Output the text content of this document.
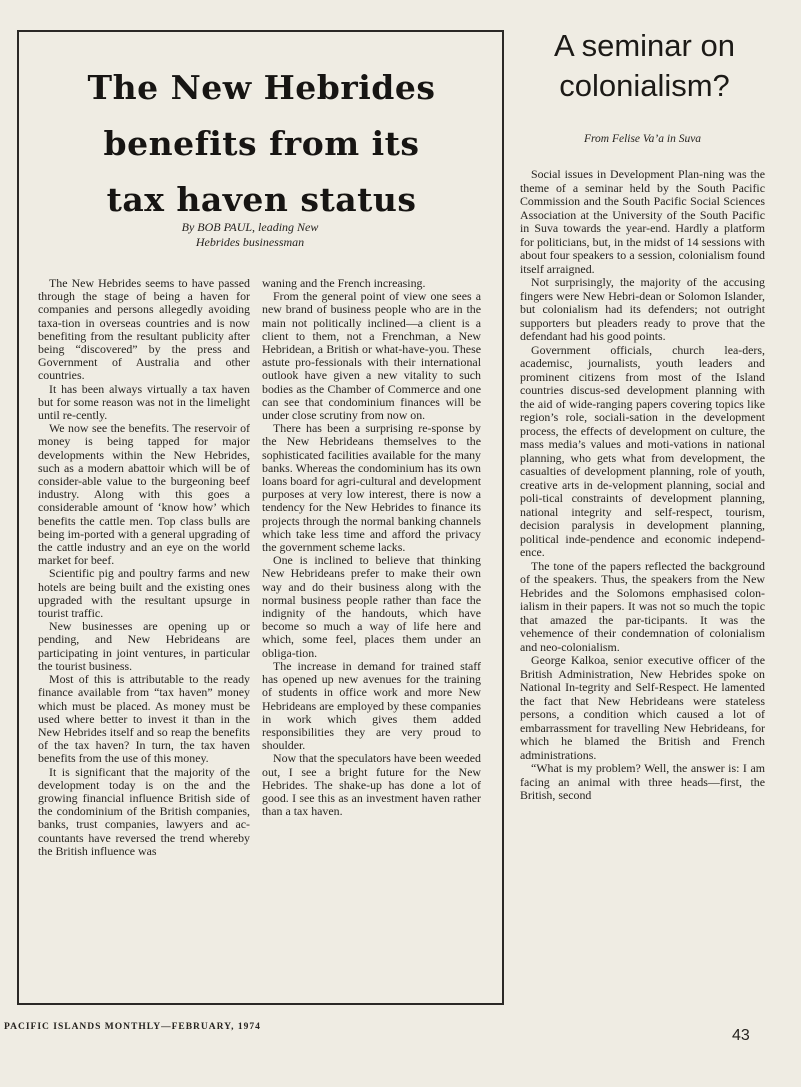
The New Hebrides
benefits from its
tax haven status
By BOB PAUL, leading New
Hebrides businessman

The New Hebrides seems to have passed through the stage of being a haven for companies and persons allegedly avoiding taxa-tion in overseas countries and is now benefiting from the resultant publicity after being “discovered” by the press and Government of Australia and other countries.

It has been always virtually a tax haven but for some reason was not in the limelight until re-cently.

We now see the benefits. The reservoir of money is being tapped for major developments within the New Hebrides, such as a modern abattoir which will be of consider-able value to the burgeoning beef industry. Along with this goes a considerable amount of ‘know how’ which benefits the cattle men. Top class bulls are being im-ported with a general upgrading of the cattle industry and an eye on the world market for beef.

Scientific pig and poultry farms and new hotels are being built and the existing ones upgraded with the resultant upsurge in tourist traffic.

New businesses are opening up or pending, and New Hebrideans are participating in joint ventures, in particular the tourist business.

Most of this is attributable to the ready finance available from “tax haven” money which must be placed. As money must be used where better to invest it than in the New Hebrides itself and so reap the benefits of the tax haven? In turn, the tax haven benefits from the use of this money.

It is significant that the majority of the development today is on the and the growing financial influence British side of the condominium of the British companies, banks, trust companies, lawyers and ac-countants have reversed the trend whereby the British influence was

waning and the French increasing.

From the general point of view one sees a new brand of business people who are in the main not politically inclined—a client is a client to them, not a Frenchman, a New Hebridean, a British or what-have-you. These astute pro-fessionals with their international outlook have given a new vitality to such bodies as the Chamber of Commerce and one can see that condominium finances will be under close scrutiny from now on.

There has been a surprising re-sponse by the New Hebrideans themselves to the sophisticated facilities available for the many banks. Whereas the condominium has its own loans board for agri-cultural and development purposes at very low interest, there is now a tendency for the New Hebrides to finance its projects through the normal banking channels which take less time and afford the privacy the government scheme lacks.

One is inclined to believe that thinking New Hebrideans prefer to make their own way and do their business along with the normal business people rather than face the indignity of the handouts, which have become so much a way of life here and which, some feel, places them under an obliga-tion.

The increase in demand for trained staff has opened up new avenues for the training of students in office work and more New Hebrideans are employed by these companies in work which gives them added responsibilities they are very proud to shoulder.

Now that the speculators have been weeded out, I see a bright future for the New Hebrides. The shake-up has done a lot of good. I see this as an investment haven rather than a tax haven.

A seminar on
colonialism?
From Felise Va’a in Suva

Social issues in Development Plan-ning was the theme of a seminar held by the South Pacific Commission and the South Pacific Social Sciences Association at the University of the South Pacific in Suva towards the year-end. Hardly a platform for politicians, but, in the midst of 14 sessions with about four speakers to a session, colonialism found itself arraigned.

Not surprisingly, the majority of the accusing fingers were New Hebri-dean or Solomon Islander, but colonialism had its defenders; not outright supporters but pleaders ready to prove that the defendant had his good points.

Government officials, church lea-ders, academisc, journalists, youth leaders and prominent citizens from most of the Island countries discus-sed development planning with the aid of wide-ranging papers covering topics like region’s role, sociali-sation in the development process, the effects of development on culture, the mass media’s values and moti-vations in national planning, who gets what from development, the casualties of development planning, role of youth, creative arts in de-velopment planning, social and poli-tical constraints of development planning, national integrity and self-respect, tourism, decision paralysis in development planning, political inde-pendence and economic independ-ence.

The tone of the papers reflected the background of the speakers. Thus, the speakers from the New Hebrides and the Solomons emphasised colon-ialism in their papers. It was not so much the topic that amazed the par-ticipants. It was the vehemence of their condemnation of colonialism and neo-colonialism.

George Kalkoa, senior executive officer of the British Administration, New Hebrides spoke on National In-tegrity and Self-Respect. He lamented the fact that New Hebrideans were stateless persons, a condition which caused a lot of embarrassment for travelling New Hebrideans, for which he blamed the British and French administrations.

“What is my problem? Well, the answer is: I am facing an animal with three heads—first, the British, second

PACIFIC ISLANDS MONTHLY—FEBRUARY, 1974	43
